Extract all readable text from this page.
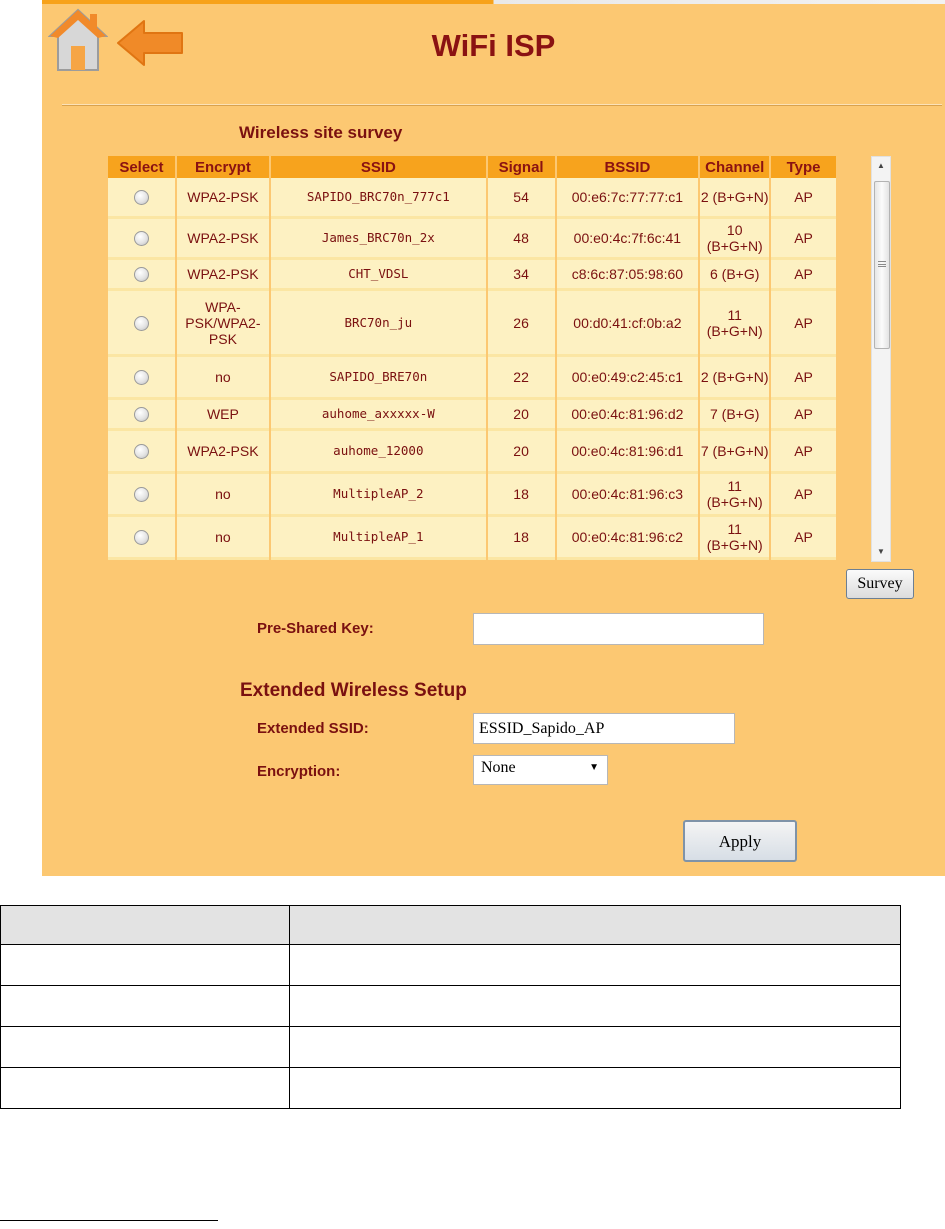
WiFi ISP
Wireless site survey
Select	Encrypt	SSID	Signal	BSSID	Channel	Type
	WPA2-PSK	SAPIDO_BRC70n_777c1	54	00:e6:7c:77:77:c1	2 (B+G+N)	AP
	WPA2-PSK	James_BRC70n_2x	48	00:e0:4c:7f:6c:41	10 (B+G+N)	AP
	WPA2-PSK	CHT_VDSL	34	c8:6c:87:05:98:60	6 (B+G)	AP
	WPA-PSK/WPA2-PSK	BRC70n_ju	26	00:d0:41:cf:0b:a2	11 (B+G+N)	AP
	no	SAPIDO_BRE70n	22	00:e0:49:c2:45:c1	2 (B+G+N)	AP
	WEP	auhome_axxxxx-W	20	00:e0:4c:81:96:d2	7 (B+G)	AP
	WPA2-PSK	auhome_12000	20	00:e0:4c:81:96:d1	7 (B+G+N)	AP
	no	MultipleAP_2	18	00:e0:4c:81:96:c3	11 (B+G+N)	AP
	no	MultipleAP_1	18	00:e0:4c:81:96:c2	11 (B+G+N)	AP
▲
▼
Survey
Pre-Shared Key:
Extended Wireless Setup
Extended SSID:
ESSID_Sapido_AP
Encryption:	None	▼
Apply
